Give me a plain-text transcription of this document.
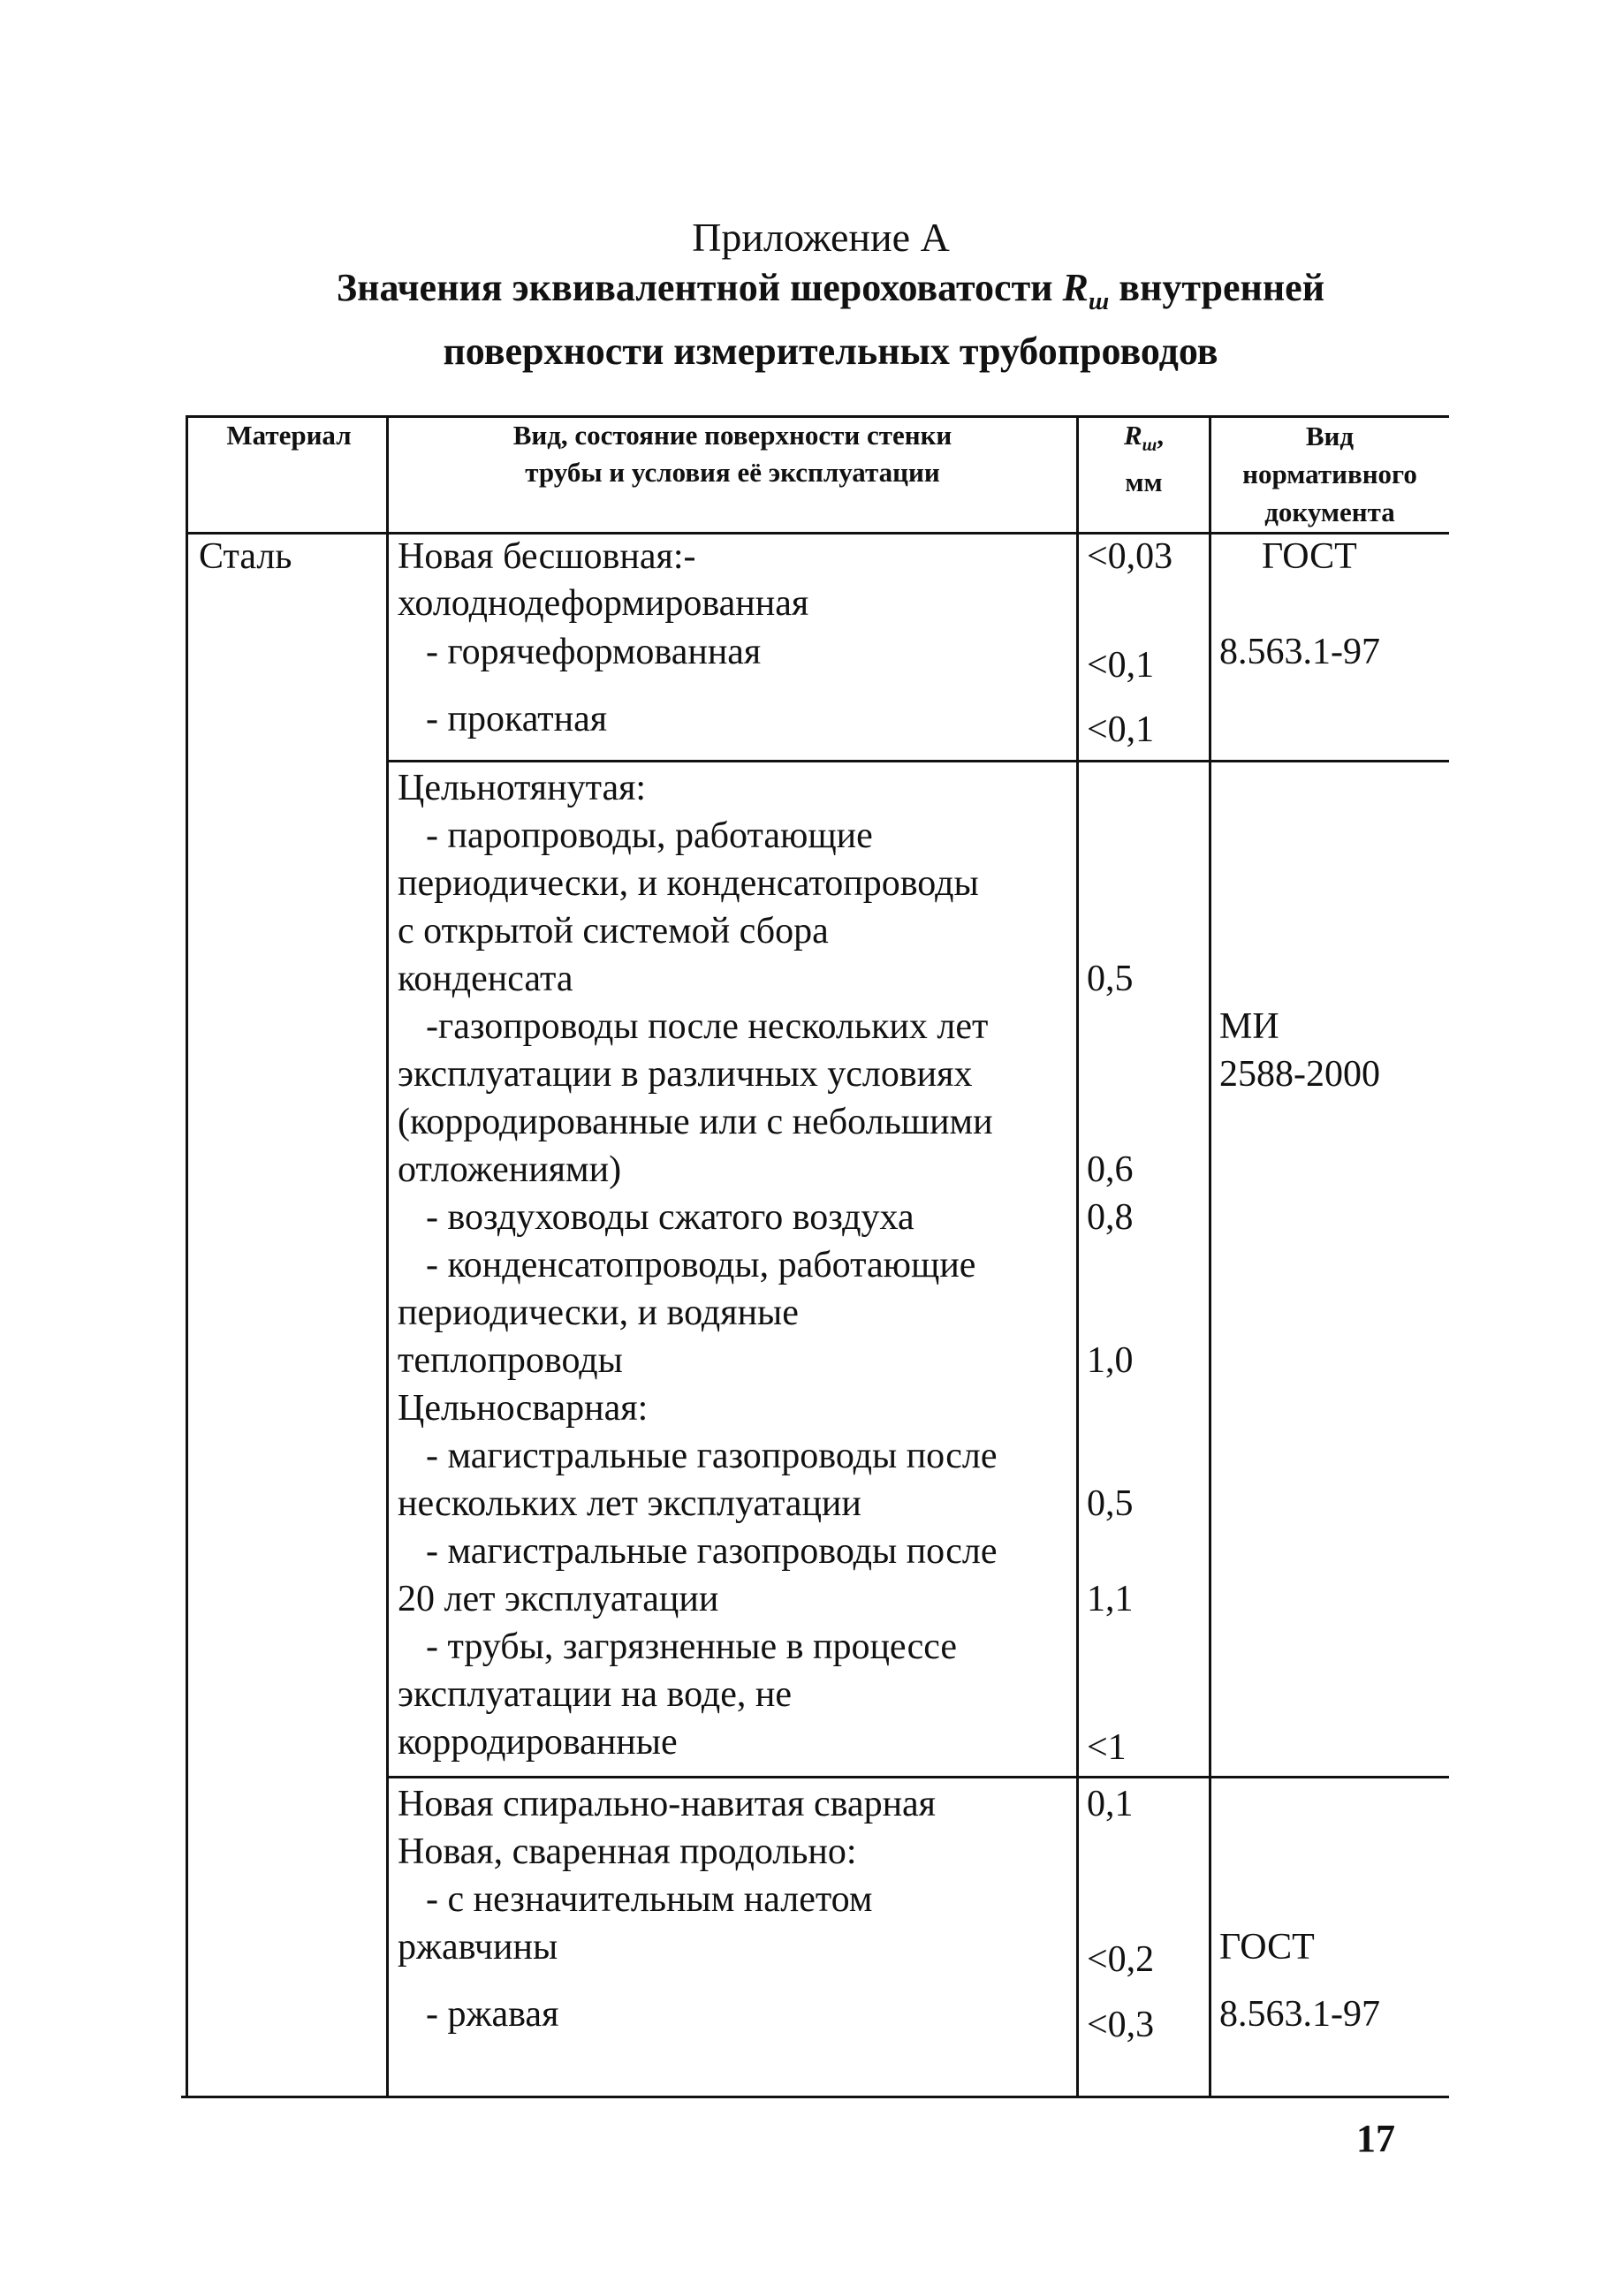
Приложение А
Значения эквивалентной шероховатости $R_ш$ внутренней
поверхности измерительных трубопроводов
Материал	Вид, состояние поверхности стенки
трубы и условия её эксплуатации
$R_ш$,
мм
Вид
нормативного
документа
Сталь	Новая бесшовная:-
холоднодеформированная
- горячеформованная
- прокатная
<0,03
<0,1
<0,1
ГОСТ
8.563.1-97
Цельнотянутая:
- паропроводы, работающие
периодически, и конденсатопроводы
с открытой системой сбора
конденсата
-газопроводы после нескольких лет
эксплуатации в различных условиях
(корродированные или с небольшими
отложениями)
- воздуховоды сжатого воздуха
- конденсатопроводы, работающие
периодически, и водяные
теплопроводы
Цельносварная:
- магистральные газопроводы после
нескольких лет эксплуатации
- магистральные газопроводы после
20 лет эксплуатации
- трубы, загрязненные в процессе
эксплуатации на воде, не
корродированные
0,5
0,6
0,8
1,0
0,5
1,1
<1
МИ
2588-2000
Новая спирально-навитая сварная
Новая, сваренная продольно:
- с незначительным налетом
ржавчины
- ржавая
0,1
<0,2
<0,3
ГОСТ
8.563.1-97
17
